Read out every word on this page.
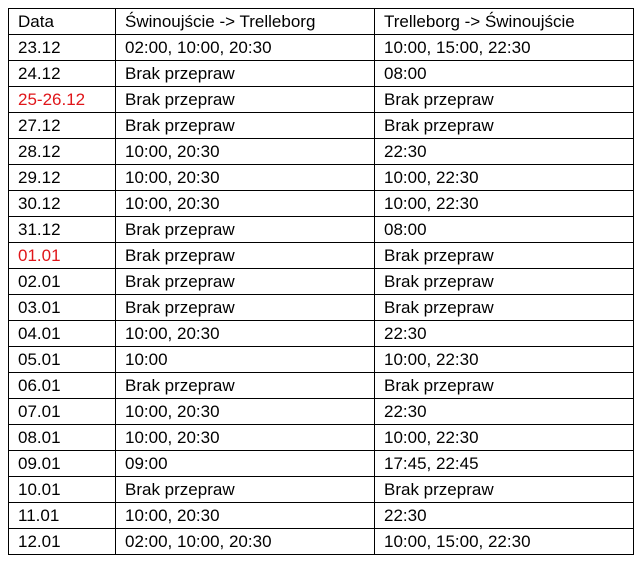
Data	Świnoujście -> Trelleborg	Trelleborg -> Świnoujście
23.12	02:00, 10:00, 20:30	10:00, 15:00, 22:30
24.12	Brak przepraw	08:00
25-26.12	Brak przepraw	Brak przepraw
27.12	Brak przepraw	Brak przepraw
28.12	10:00, 20:30	22:30
29.12	10:00, 20:30	10:00, 22:30
30.12	10:00, 20:30	10:00, 22:30
31.12	Brak przepraw	08:00
01.01	Brak przepraw	Brak przepraw
02.01	Brak przepraw	Brak przepraw
03.01	Brak przepraw	Brak przepraw
04.01	10:00, 20:30	22:30
05.01	10:00	10:00, 22:30
06.01	Brak przepraw	Brak przepraw
07.01	10:00, 20:30	22:30
08.01	10:00, 20:30	10:00, 22:30
09.01	09:00	17:45, 22:45
10.01	Brak przepraw	Brak przepraw
11.01	10:00, 20:30	22:30
12.01	02:00, 10:00, 20:30	10:00, 15:00, 22:30
